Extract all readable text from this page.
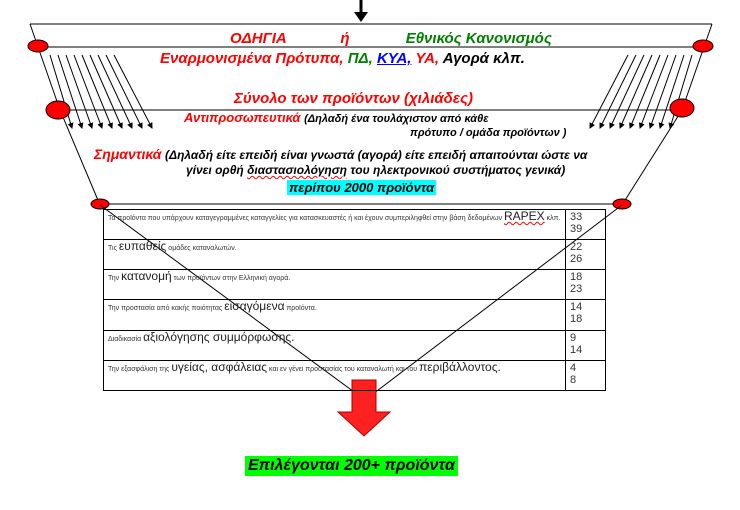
ΟΔΗΓΙΑ	ή	Εθνικός Κανονισμός
Εναρμονισμένα Πρότυπα, ΠΔ, ΚΥΑ, ΥΑ, Αγορά κλπ.
Σύνολο των προϊόντων (χιλιάδες)
Αντιπροσωπευτικά (Δηλαδή ένα τουλάχιστον από κάθε
πρότυπο / ομάδα προϊόντων )
Σημαντικά (Δηλαδή είτε επειδή είναι γνωστά (αγορά) είτε επειδή απαιτούνται ώστε να
γίνει ορθή διαστασιολόγηση του ηλεκτρονικού συστήματος γενικά)
περίπου 2000 προϊόντα
Τα προϊόντα που υπάρχουν καταγεγραμμένες καταγγελίες για κατασκευαστές ή και έχουν συμπεριληφθεί στην βάση δεδομένων RAPEX κλπ.	33
39

Τις ευπαθείς ομάδες καταναλωτών.	22
26

Την κατανομή των προϊόντων στην Ελληνική αγορά.	18
23

Την προστασία από κακής ποιότητας εισαγόμενα προϊόντα.	14
18

Διαδικασία αξιολόγησης συμμόρφωσης.	9
14

Την εξασφάλιση της υγείας, ασφάλειας και εν γένει προστασίας του καταναλωτή και του περιβάλλοντος.	4
8
Επιλέγονται 200+ προϊόντα
